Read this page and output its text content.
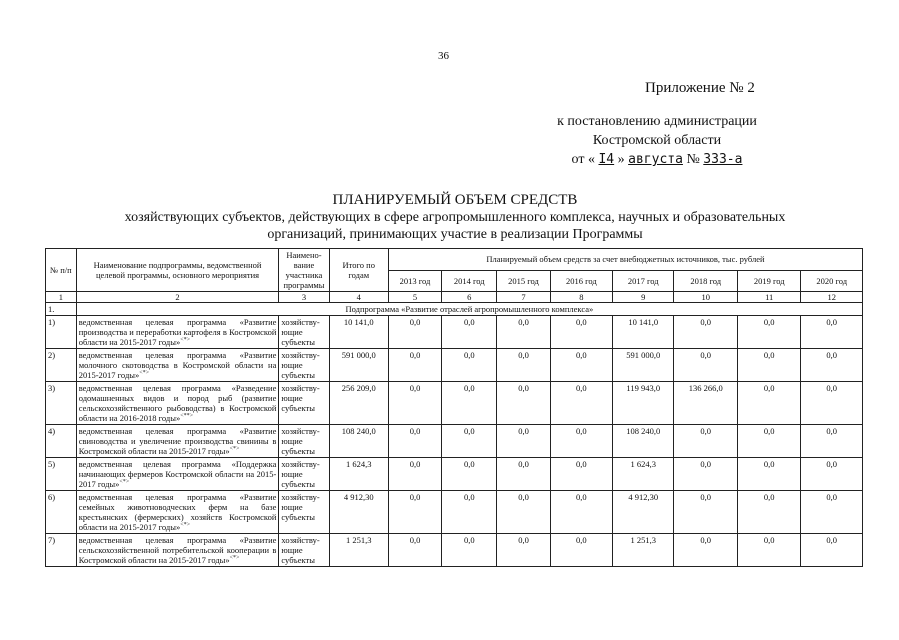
36
Приложение № 2
к постановлению администрации
Костромской области
от « I4 » августа № 333-а
ПЛАНИРУЕМЫЙ ОБЪЕМ СРЕДСТВ
хозяйствующих субъектов, действующих в сфере агропромышленного комплекса, научных и образовательных
организаций, принимающих участие в реализации Программы
№ п/п	Наименование подпрограммы, ведомственной целевой программы, основного мероприятия	Наимено-вание участника программы	Итого по годам	Планируемый объем средств за счет внебюджетных источников, тыс. рублей							
				2013 год	2014 год	2015 год	2016 год	2017 год	2018 год	2019 год	2020 год
1	2	3	4	5	6	7	8	9	10	11	12
1.	Подпрограмма «Развитие отраслей агропромышленного комплекса»										
1)	ведомственная целевая программа «Развитие производства и переработки картофеля в Костромской области на 2015-2017 годы»<*>	хозяйству-ющие субъекты	10 141,0	0,0	0,0	0,0	0,0	10 141,0	0,0	0,0	0,0
2)	ведомственная целевая программа «Развитие молочного скотоводства в Костромской области на 2015-2017 годы»<*>	хозяйству-ющие субъекты	591 000,0	0,0	0,0	0,0	0,0	591 000,0	0,0	0,0	0,0
3)	ведомственная целевая программа «Разведение одомашненных видов и пород рыб (развитие сельскохозяйственного рыбоводства) в Костромской области на 2016-2018 годы»<**>	хозяйству-ющие субъекты	256 209,0	0,0	0,0	0,0	0,0	119 943,0	136 266,0	0,0	0,0
4)	ведомственная целевая программа «Развитие свиноводства и увеличение производства свинины в Костромской области на 2015-2017 годы»<*>	хозяйству-ющие субъекты	108 240,0	0,0	0,0	0,0	0,0	108 240,0	0,0	0,0	0,0
5)	ведомственная целевая программа «Поддержка начинающих фермеров Костромской области на 2015-2017 годы»<*>	хозяйству-ющие субъекты	1 624,3	0,0	0,0	0,0	0,0	1 624,3	0,0	0,0	0,0
6)	ведомственная целевая программа «Развитие семейных животноводческих ферм на базе крестьянских (фермерских) хозяйств Костромской области на 2015-2017 годы»<*>	хозяйству-ющие субъекты	4 912,30	0,0	0,0	0,0	0,0	4 912,30	0,0	0,0	0,0
7)	ведомственная целевая программа «Развитие сельскохозяйственной потребительской кооперации в Костромской области на 2015-2017 годы»<*>	хозяйству-ющие субъекты	1 251,3	0,0	0,0	0,0	0,0	1 251,3	0,0	0,0	0,0
